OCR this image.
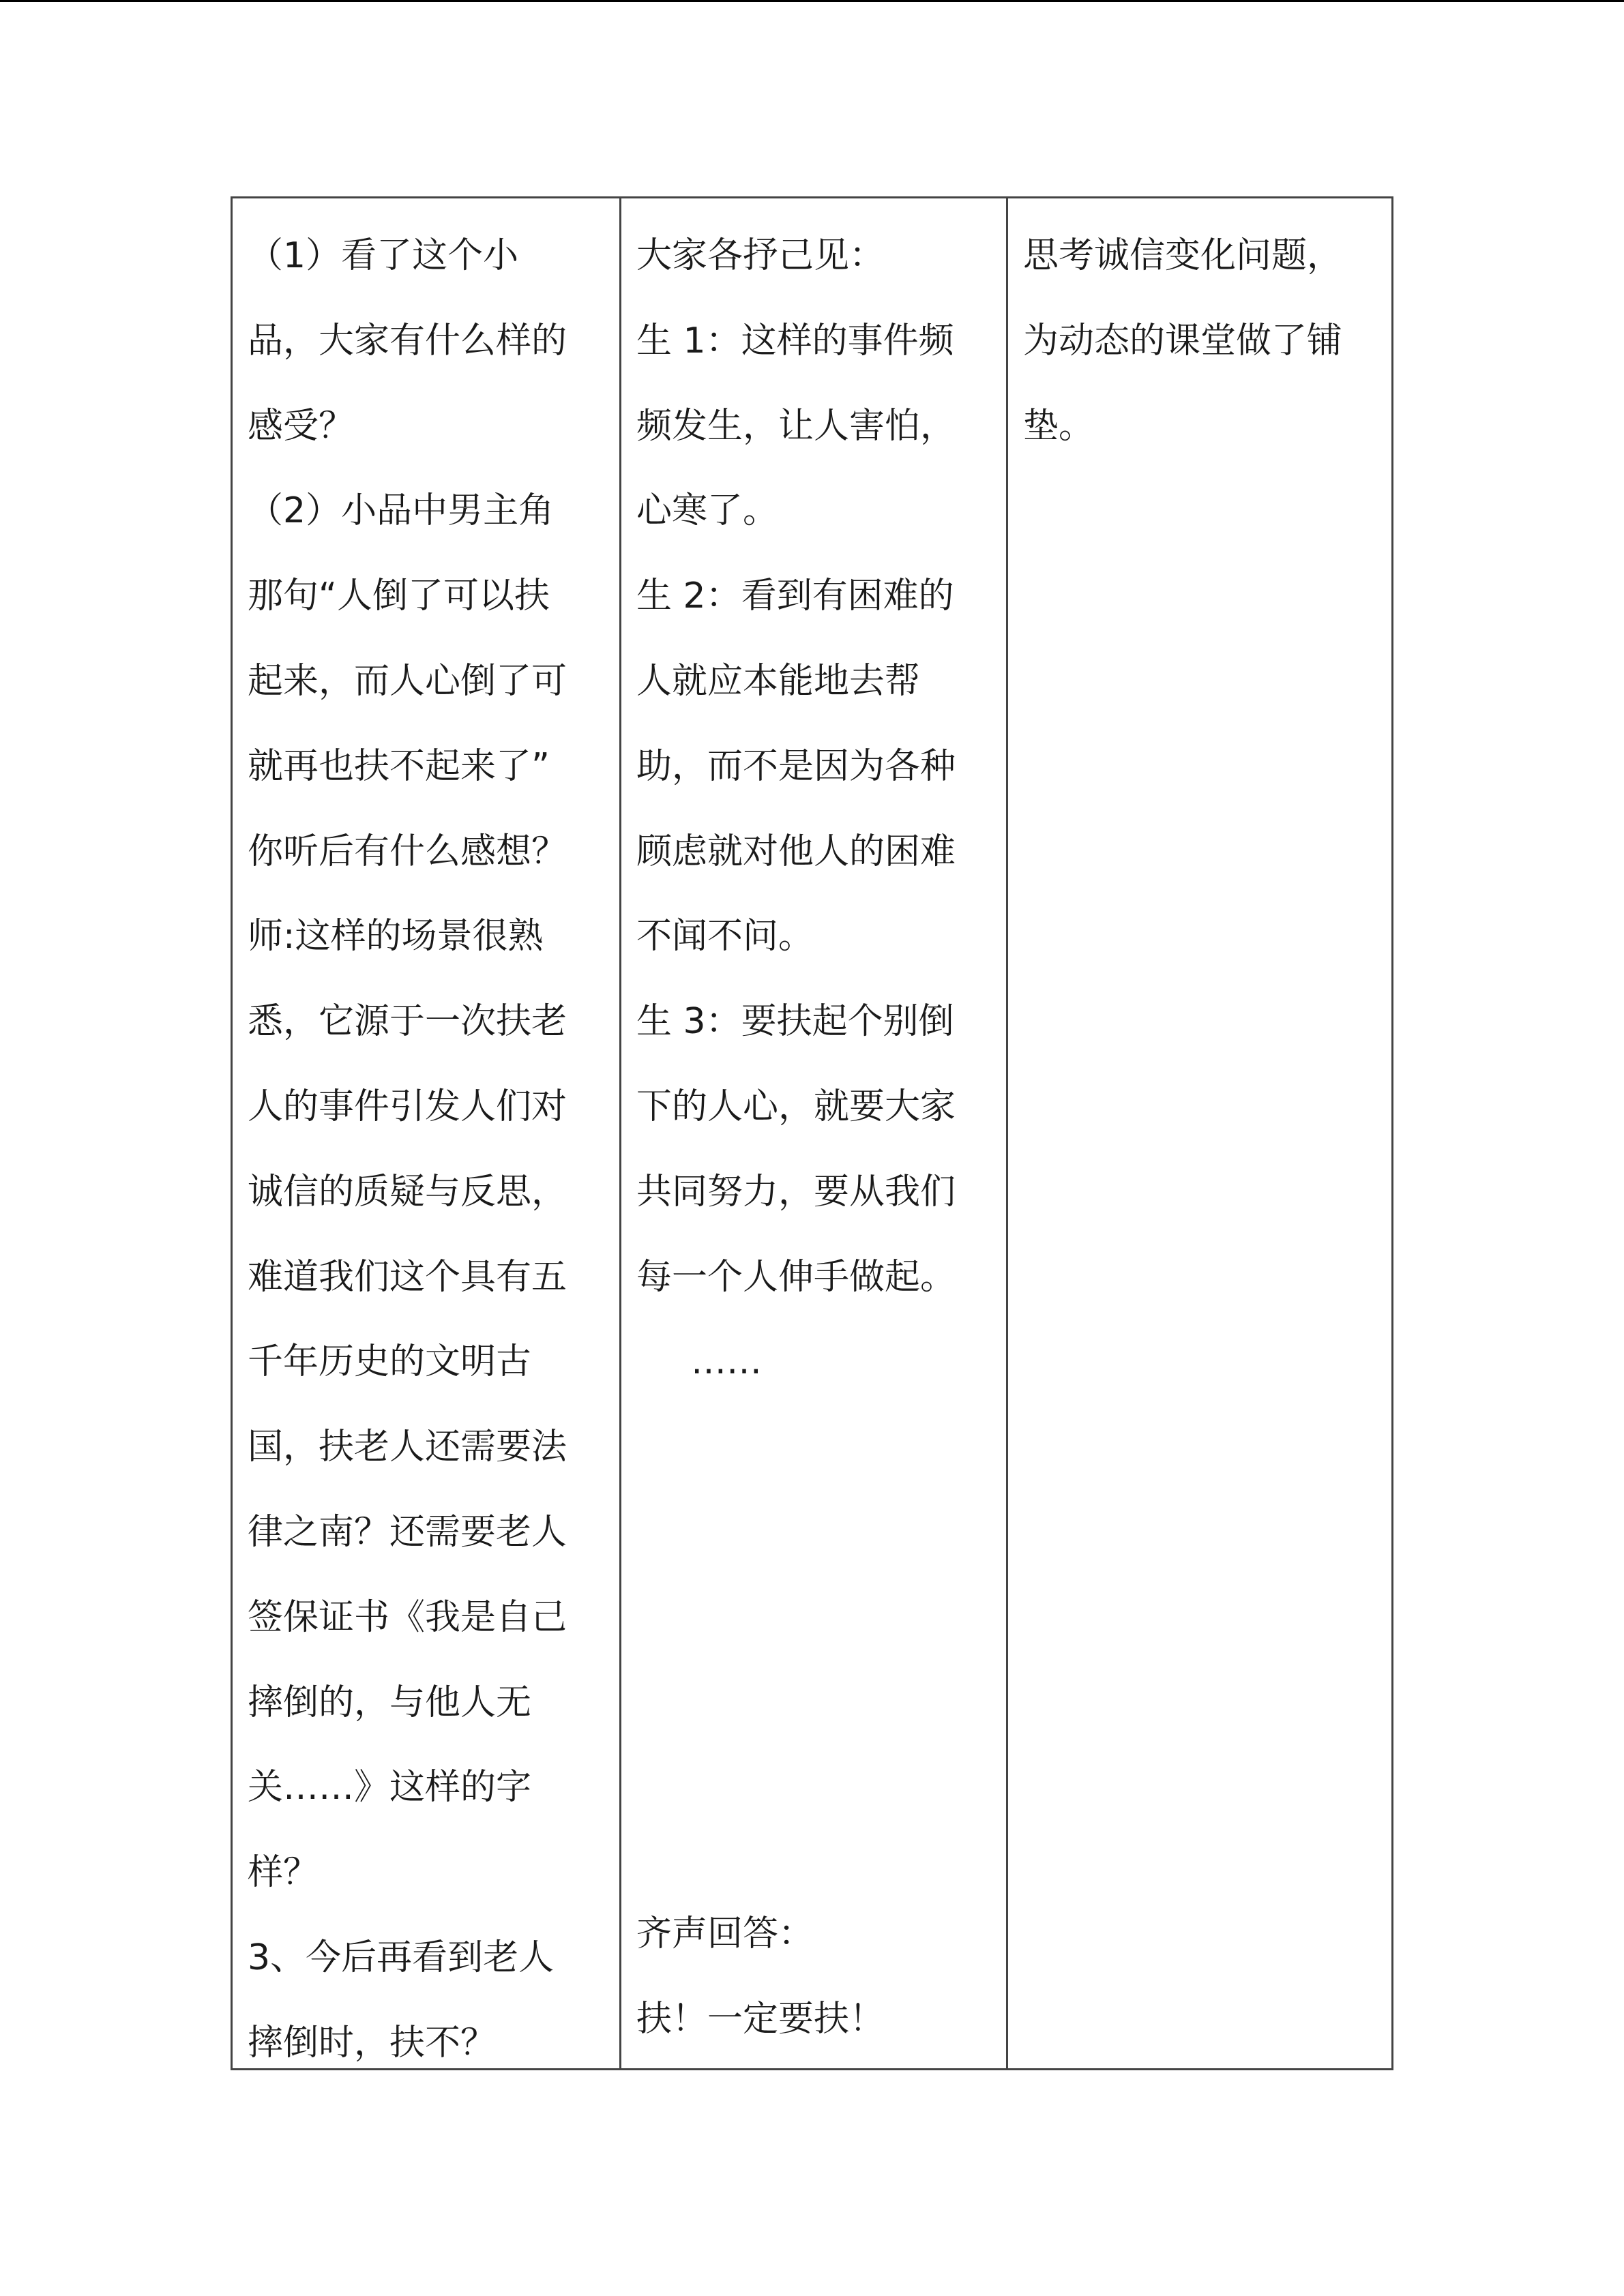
（1）看了这个小
品，大家有什么样的
感受？
（2）小品中男主角
那句“人倒了可以扶
起来，而人心倒了可
就再也扶不起来了”
你听后有什么感想？
师:这样的场景很熟
悉，它源于一次扶老
人的事件引发人们对
诚信的质疑与反思，
难道我们这个具有五
千年历史的文明古
国，扶老人还需要法
律之南？还需要老人
签保证书《我是自己
摔倒的，与他人无
关……》这样的字
样？
3、今后再看到老人
摔倒时，扶不？
大家各抒己见：
生 1：这样的事件频
频发生，让人害怕，
心寒了。
生 2：看到有困难的
人就应本能地去帮
助，而不是因为各种
顾虑就对他人的困难
不闻不问。
生 3：要扶起个别倒
下的人心，就要大家
共同努力，要从我们
每一个人伸手做起。
……
齐声回答：
扶！一定要扶！
思考诚信变化问题，
为动态的课堂做了铺
垫。
